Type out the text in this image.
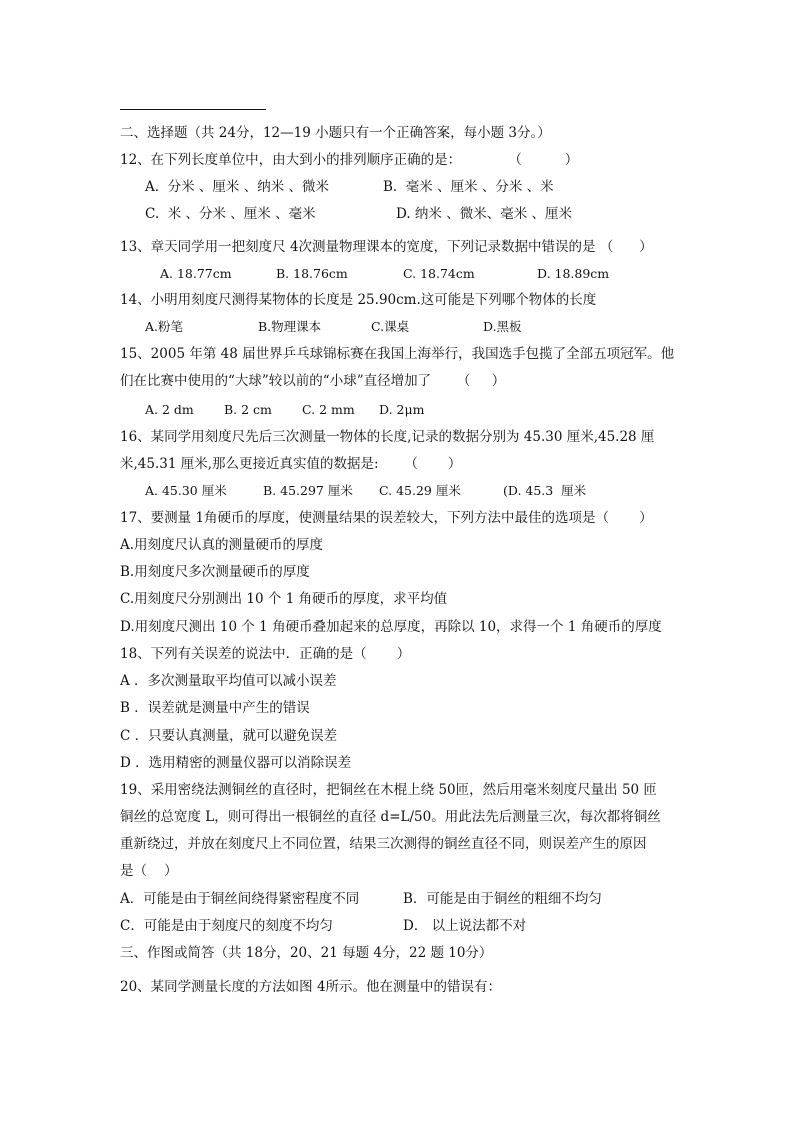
二、选择题（共 24分，12—19 小题只有一个正确答案，每小题 3分。）
12、在下列长度单位中，由大到小的排列顺序正确的是：           （          ）
A.  分米 、厘米 、纳米 、微米	B.  毫米 、厘米 、分米 、米
C.  米 、分米 、厘米 、毫米	D. 纳米 、微米、毫米 、厘米
13、章天同学用一把刻度尺 4次测量物理课本的宽度，下列记录数据中错误的是 （      ）
A. 18.77cm	B. 18.76cm	C. 18.74cm	D. 18.89cm
14、小明用刻度尺测得某物体的长度是 25.90cm.这可能是下列哪个物体的长度
A.粉笔	B.物理课本	C.课桌	D.黑板
15、2005 年第 48 届世界乒乓球锦标赛在我国上海举行，我国选手包揽了全部五项冠军。他
们在比赛中使用的“大球”较以前的“小球”直径增加了      （     ）
A. 2 dm B. 2 cm C. 2 mm D. 2μm
16、某同学用刻度尺先后三次测量一物体的长度,记录的数据分别为 45.30 厘米,45.28 厘
米,45.31 厘米,那么更接近真实值的数据是:      （       ）
A. 45.30 厘米	B. 45.297 厘米 C. 45.29 厘米	(D. 45.3  厘米
17、要测量 1角硬币的厚度，使测量结果的误差较大，下列方法中最佳的选项是（       ）
A.用刻度尺认真的测量硬币的厚度
B.用刻度尺多次测量硬币的厚度
C.用刻度尺分别测出 10 个 1 角硬币的厚度，求平均值
D.用刻度尺测出 10 个 1 角硬币叠加起来的总厚度，再除以 10，求得一个 1 角硬币的厚度
18、下列有关误差的说法中．正确的是（       ）
A ．多次测量取平均值可以减小误差
B ．误差就是测量中产生的错误
C ．只要认真测量，就可以避免误差
D ．选用精密的测量仪器可以消除误差
19、采用密绕法测铜丝的直径时，把铜丝在木棍上绕 50匝，然后用毫米刻度尺量出 50 匝
铜丝的总宽度 L，则可得出一根铜丝的直径 d=L/50。用此法先后测量三次，每次都将铜丝
重新绕过，并放在刻度尺上不同位置，结果三次测得的铜丝直径不同，则误差产生的原因
是（    ）
A．可能是由于铜丝间绕得紧密程度不同	B．可能是由于铜丝的粗细不均匀
C．可能是由于刻度尺的刻度不均匀	D． 以上说法都不对
三、作图或简答（共 18分，20、21 每题 4分，22 题 10分）
20、某同学测量长度的方法如图 4所示。他在测量中的错误有：
